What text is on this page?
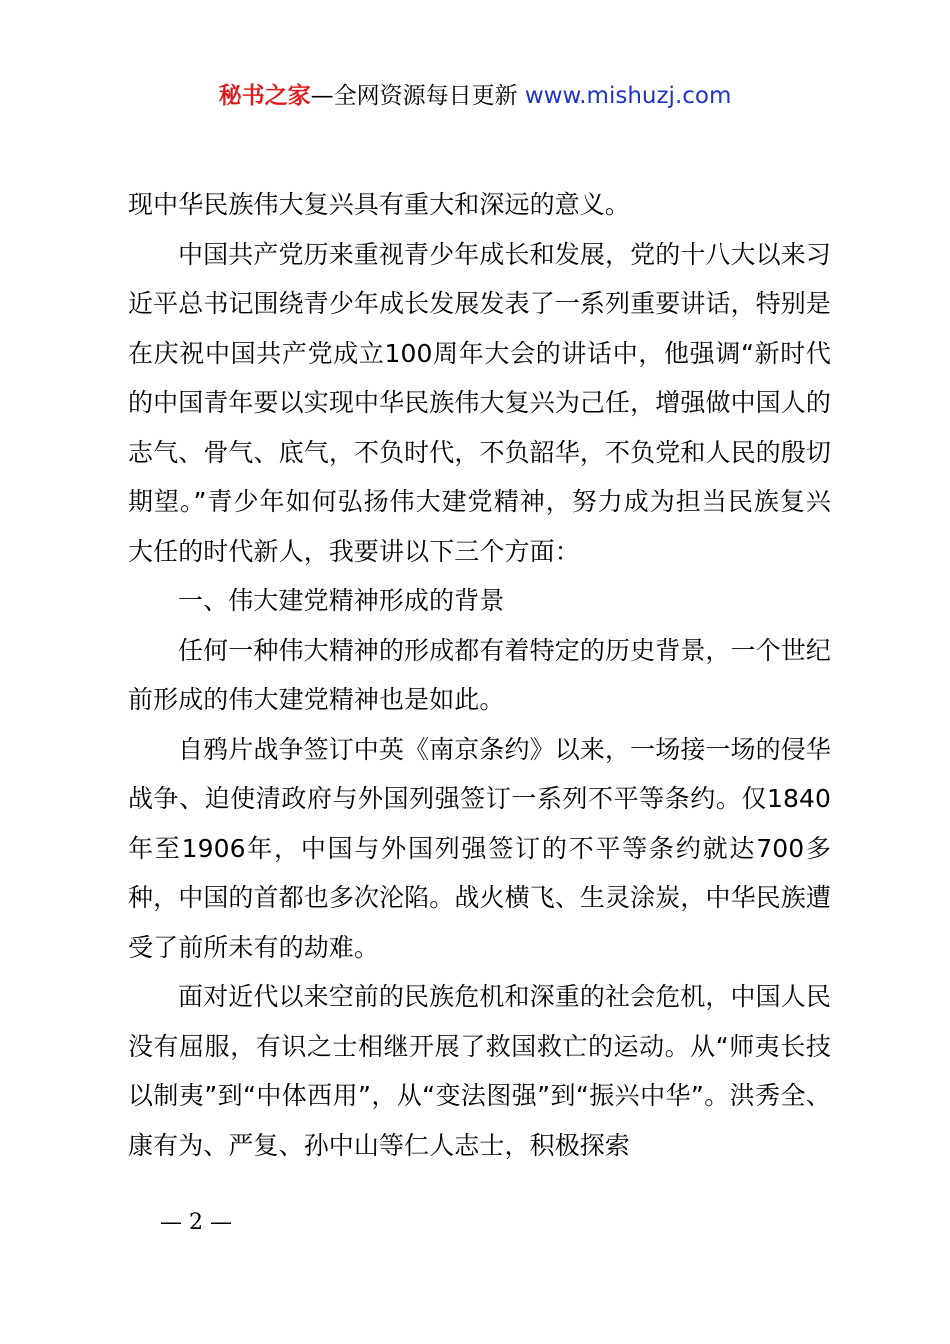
秘书之家—全网资源每日更新 www.mishuzj.com

现中华民族伟大复兴具有重大和深远的意义。

中国共产党历来重视青少年成长和发展，党的十八大以来习近平总书记围绕青少年成长发展发表了一系列重要讲话，特别是在庆祝中国共产党成立100周年大会的讲话中，他强调“新时代的中国青年要以实现中华民族伟大复兴为己任，增强做中国人的志气、骨气、底气，不负时代，不负韶华，不负党和人民的殷切期望。”青少年如何弘扬伟大建党精神，努力成为担当民族复兴大任的时代新人，我要讲以下三个方面：

一、伟大建党精神形成的背景

任何一种伟大精神的形成都有着特定的历史背景，一个世纪前形成的伟大建党精神也是如此。

自鸦片战争签订中英《南京条约》以来，一场接一场的侵华战争、迫使清政府与外国列强签订一系列不平等条约。仅1840年至1906年，中国与外国列强签订的不平等条约就达700多种，中国的首都也多次沦陷。战火横飞、生灵涂炭，中华民族遭受了前所未有的劫难。

面对近代以来空前的民族危机和深重的社会危机，中国人民没有屈服，有识之士相继开展了救国救亡的运动。从“师夷长技以制夷”到“中体西用”，从“变法图强”到“振兴中华”。洪秀全、康有为、严复、孙中山等仁人志士，积极探索

— 2 —
